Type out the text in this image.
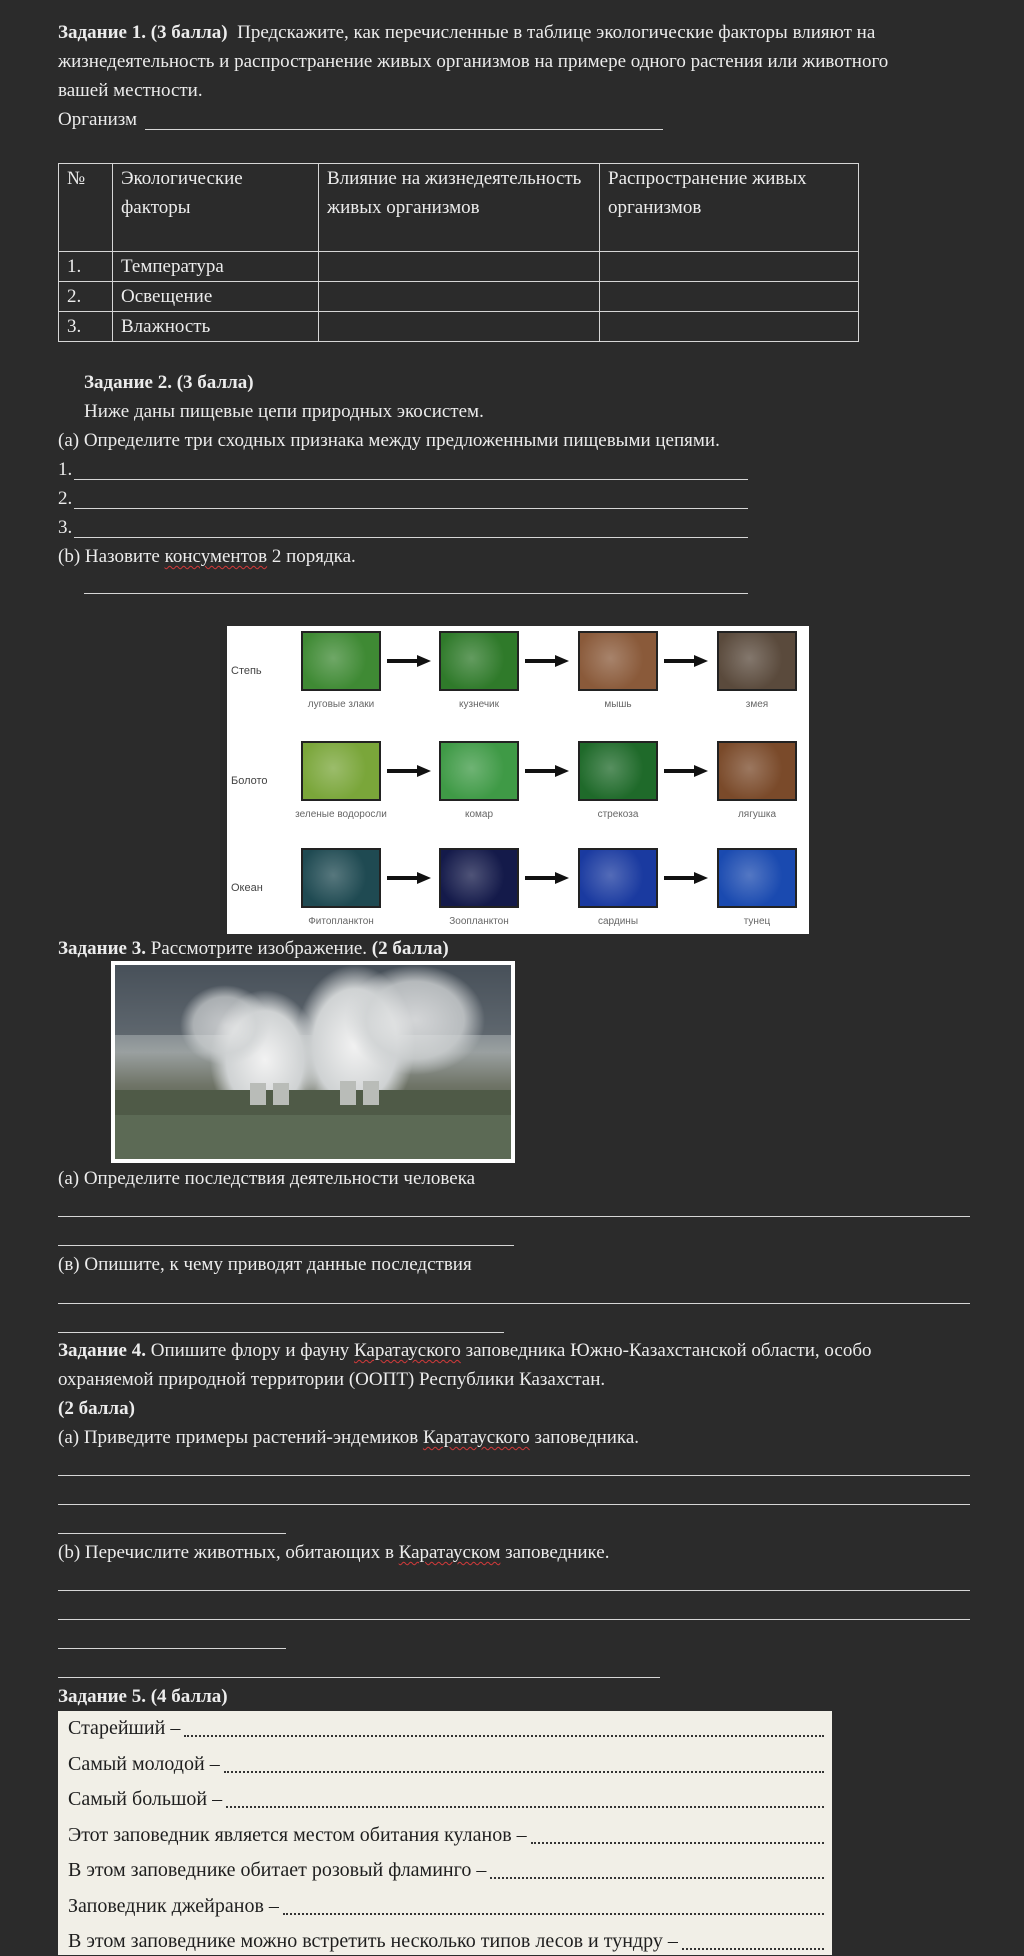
Задание 1. (3 балла) Предскажите, как перечисленные в таблице экологические факторы влияют на
жизнедеятельность и распространение живых организмов на примере одного растения или животного
вашей местности.
Организм
№	Экологические факторы	Влияние на жизнедеятельность живых организмов	Распространение живых организмов
1.	Температура		
2.	Освещение		
3.	Влажность		
Задание 2. (3 балла)
Ниже даны пищевые цепи природных экосистем.
(a) Определите три сходных признака между предложенными пищевыми цепями.
1.
2.
3.
(b) Назовите консументов 2 порядка.
Степь
луговые злаки	кузнечик	мышь	змея
Болото
зеленые водоросли	комар	стрекоза	лягушка
Океан
Фитопланктон	Зоопланктон	сардины	тунец
Задание 3. Рассмотрите изображение. (2 балла)
(а) Определите последствия деятельности человека
(в) Опишите, к чему приводят данные последствия
Задание 4. Опишите флору и фауну Каратауского заповедника Южно-Казахстанской области, особо
охраняемой природной территории (ООПТ) Республики Казахстан.
(2 балла)
(а) Приведите примеры растений-эндемиков Каратауского заповедника.
(b) Перечислите животных, обитающих в Каратауском заповеднике.
Задание 5. (4 балла)
Старейший –
Самый молодой –
Самый большой –
Этот заповедник является местом обитания куланов –
В этом заповеднике обитает розовый фламинго –
Заповедник джейранов –
В этом заповеднике можно встретить несколько типов лесов и тундру –
